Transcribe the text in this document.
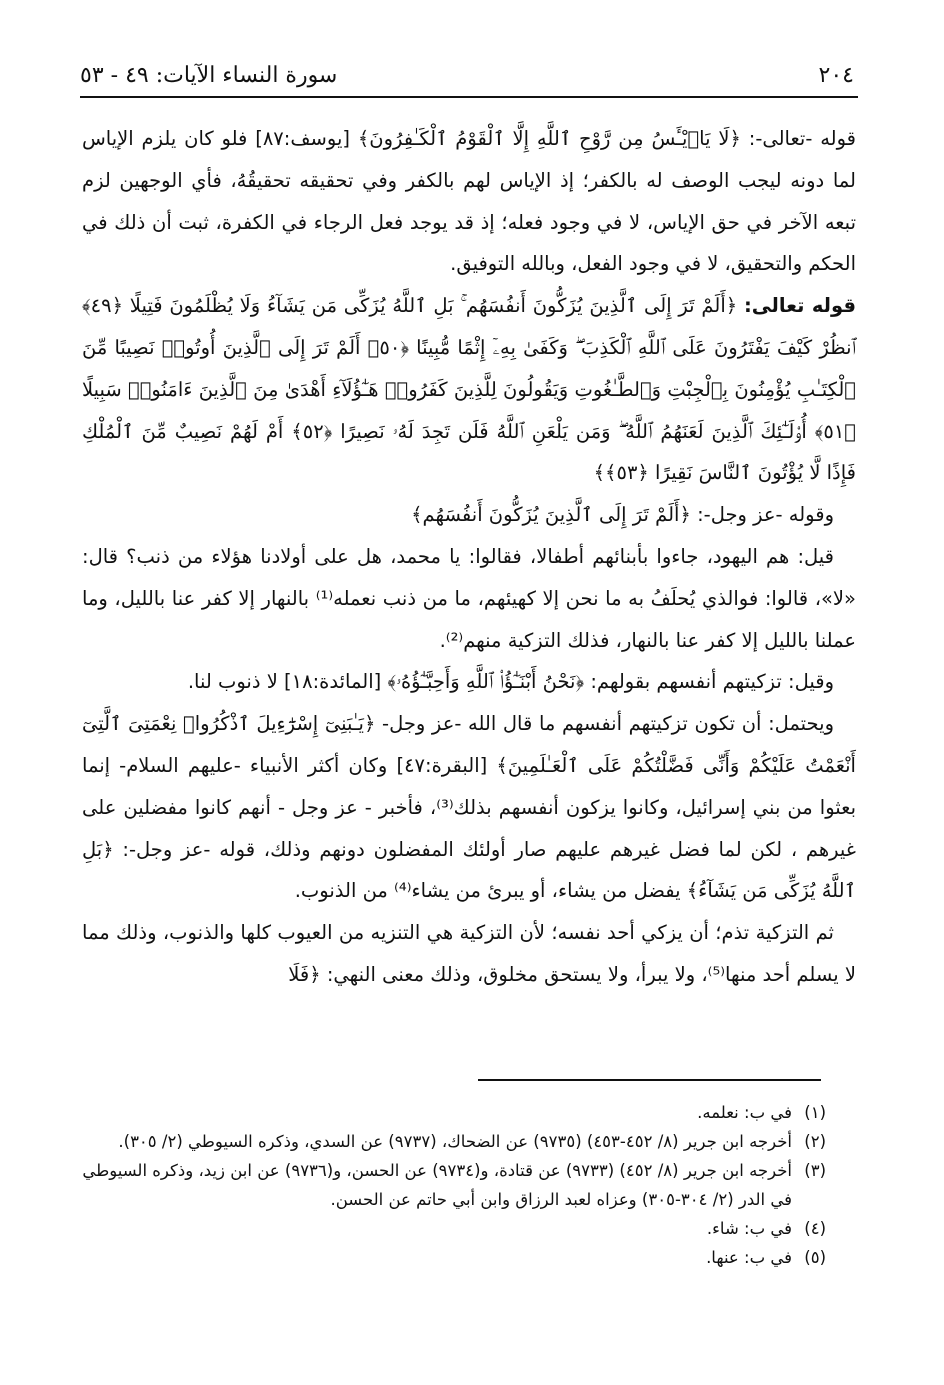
٢٠٤
سورة النساء الآيات: ٤٩ - ٥٣

قوله -تعالى-: ﴿لَا يَا۟يْـَٔسُ مِن رَّوْحِ ٱللَّهِ إِلَّا ٱلْقَوْمُ ٱلْكَـٰفِرُونَ﴾ [يوسف:٨٧] فلو كان يلزم الإياس لما دونه ليجب الوصف له بالكفر؛ إذ الإياس لهم بالكفر وفي تحقيقه تحقيقُهُ، فأي الوجهين لزم تبعه الآخر في حق الإياس، لا في وجود فعله؛ إذ قد يوجد فعل الرجاء في الكفرة، ثبت أن ذلك في الحكم والتحقيق، لا في وجود الفعل، وبالله التوفيق.

قوله تعالى: ﴿أَلَمْ تَرَ إِلَى ٱلَّذِينَ يُزَكُّونَ أَنفُسَهُم ۚ بَلِ ٱللَّهُ يُزَكِّى مَن يَشَآءُ وَلَا يُظْلَمُونَ فَتِيلًا ﴿٤٩﴾ ٱنظُرْ كَيْفَ يَفْتَرُونَ عَلَى ٱللَّهِ ٱلْكَذِبَ ۖ وَكَفَىٰ بِهِۦٓ إِثْمًا مُّبِينًا ﴿٥٠﴾ أَلَمْ تَرَ إِلَى ٱلَّذِينَ أُوتُوا۟ نَصِيبًا مِّنَ ٱلْكِتَـٰبِ يُؤْمِنُونَ بِٱلْجِبْتِ وَٱلطَّـٰغُوتِ وَيَقُولُونَ لِلَّذِينَ كَفَرُوا۟ هَـٰٓؤُلَآءِ أَهْدَىٰ مِنَ ٱلَّذِينَ ءَامَنُوا۟ سَبِيلًا ﴿٥١﴾ أُو۟لَـٰٓئِكَ ٱلَّذِينَ لَعَنَهُمُ ٱللَّهُ ۖ وَمَن يَلْعَنِ ٱللَّهُ فَلَن تَجِدَ لَهُۥ نَصِيرًا ﴿٥٢﴾ أَمْ لَهُمْ نَصِيبٌ مِّنَ ٱلْمُلْكِ فَإِذًا لَّا يُؤْتُونَ ٱلنَّاسَ نَقِيرًا ﴿٥٣﴾﴾

وقوله -عز وجل-: ﴿أَلَمْ تَرَ إِلَى ٱلَّذِينَ يُزَكُّونَ أَنفُسَهُم﴾

قيل: هم اليهود، جاءوا بأبنائهم أطفالا، فقالوا: يا محمد، هل على أولادنا هؤلاء من ذنب؟ قال: «لا»، قالوا: فوالذي يُحلَفُ به ما نحن إلا كهيئهم، ما من ذنب نعمله⁽¹⁾ بالنهار إلا كفر عنا بالليل، وما عملنا بالليل إلا كفر عنا بالنهار، فذلك التزكية منهم⁽²⁾.

وقيل: تزكيتهم أنفسهم بقولهم: ﴿نَحْنُ أَبْنَـٰٓؤُا۟ ٱللَّهِ وَأَحِبَّـٰٓؤُهُۥ﴾ [المائدة:١٨] لا ذنوب لنا.

ويحتمل: أن تكون تزكيتهم أنفسهم ما قال الله -عز وجل- ﴿يَـٰبَنِىٓ إِسْرَٰٓءِيلَ ٱذْكُرُوا۟ نِعْمَتِىَ ٱلَّتِىٓ أَنْعَمْتُ عَلَيْكُمْ وَأَنِّى فَضَّلْتُكُمْ عَلَى ٱلْعَـٰلَمِينَ﴾ [البقرة:٤٧] وكان أكثر الأنبياء -عليهم السلام- إنما بعثوا من بني إسرائيل، وكانوا يزكون أنفسهم بذلك⁽³⁾، فأخبر - عز وجل - أنهم كانوا مفضلين على غيرهم ، لكن لما فضل غيرهم عليهم صار أولئك المفضلون دونهم وذلك، قوله -عز وجل-: ﴿بَلِ ٱللَّهُ يُزَكِّى مَن يَشَآءُ﴾ يفضل من يشاء، أو يبرئ من يشاء⁽⁴⁾ من الذنوب.

ثم التزكية تذم؛ أن يزكي أحد نفسه؛ لأن التزكية هي التنزيه من العيوب كلها والذنوب، وذلك مما لا يسلم أحد منها⁽⁵⁾، ولا يبرأ، ولا يستحق مخلوق، وذلك معنى النهي: ﴿فَلَا

(١)
في ب: نعلمه.
(٢)
أخرجه ابن جرير (٨/ ٤٥٢-٤٥٣) (٩٧٣٥) عن الضحاك، (٩٧٣٧) عن السدي، وذكره السيوطي (٢/ ٣٠٥).
(٣)
أخرجه ابن جرير (٨/ ٤٥٢) (٩٧٣٣) عن قتادة، و(٩٧٣٤) عن الحسن، و(٩٧٣٦) عن ابن زيد، وذكره السيوطي في الدر (٢/ ٣٠٤-٣٠٥) وعزاه لعبد الرزاق وابن أبي حاتم عن الحسن.
(٤)
في ب: شاء.
(٥)
في ب: عنها.
